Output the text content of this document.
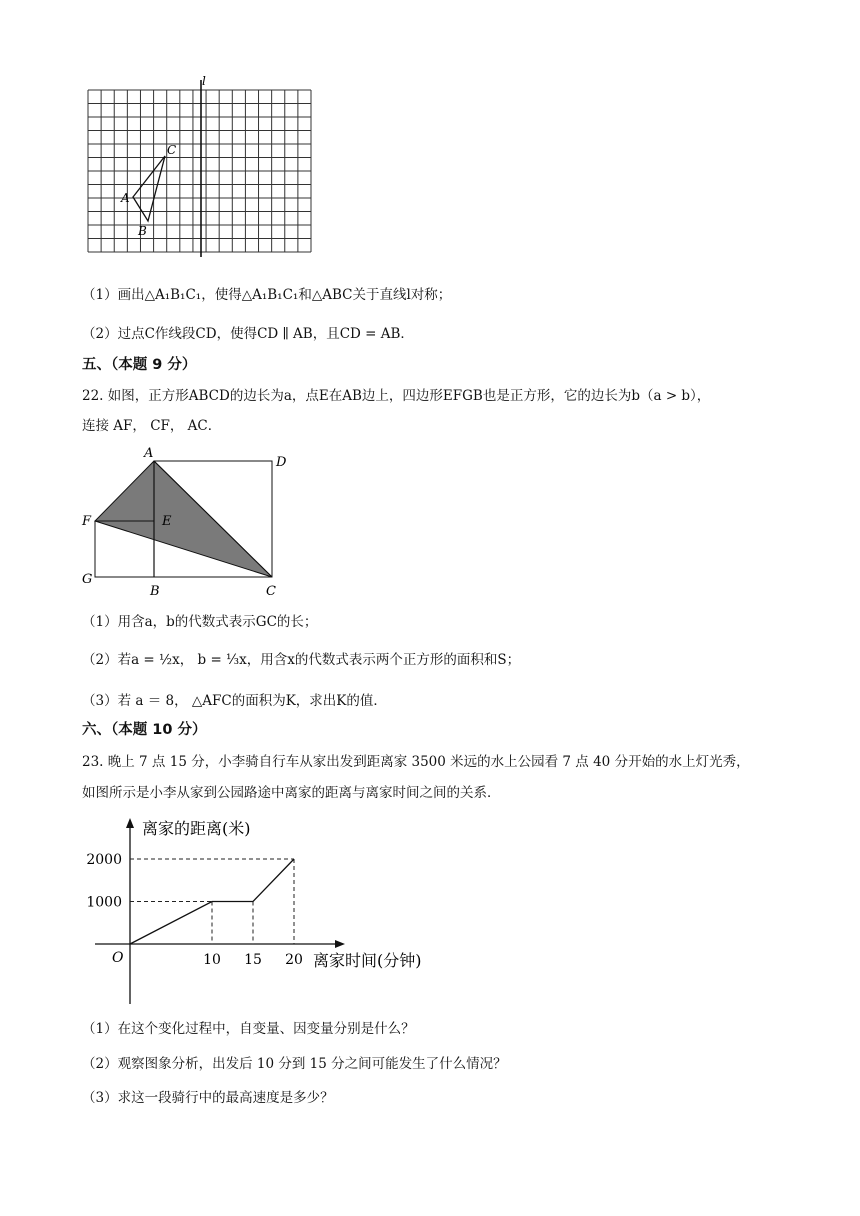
l
C
A
B
（1）画出△A₁B₁C₁，使得△A₁B₁C₁和△ABC关于直线l对称；
（2）过点C作线段CD，使得CD ∥ AB，且CD = AB．
五、（本题 9 分）
22. 如图，正方形ABCD的边长为a，点E在AB边上，四边形EFGB也是正方形，它的边长为b（a > b），
连接 AF， CF， AC．
A
D
F	E
G
B	C
（1）用含a，b的代数式表示GC的长；
（2）若a = ½x， b = ⅓x，用含x的代数式表示两个正方形的面积和S；
（3）若 a ＝ 8， △AFC的面积为K，求出K的值．
六、（本题 10 分）
23. 晚上 7 点 15 分，小李骑自行车从家出发到距离家 3500 米远的水上公园看 7 点 40 分开始的水上灯光秀，
如图所示是小李从家到公园路途中离家的距离与离家时间之间的关系．
离家的距离(米)
离家时间(分钟)
O
1000
2000
10 15 20
（1）在这个变化过程中，自变量、因变量分别是什么？
（2）观察图象分析，出发后 10 分到 15 分之间可能发生了什么情况？
（3）求这一段骑行中的最高速度是多少？
